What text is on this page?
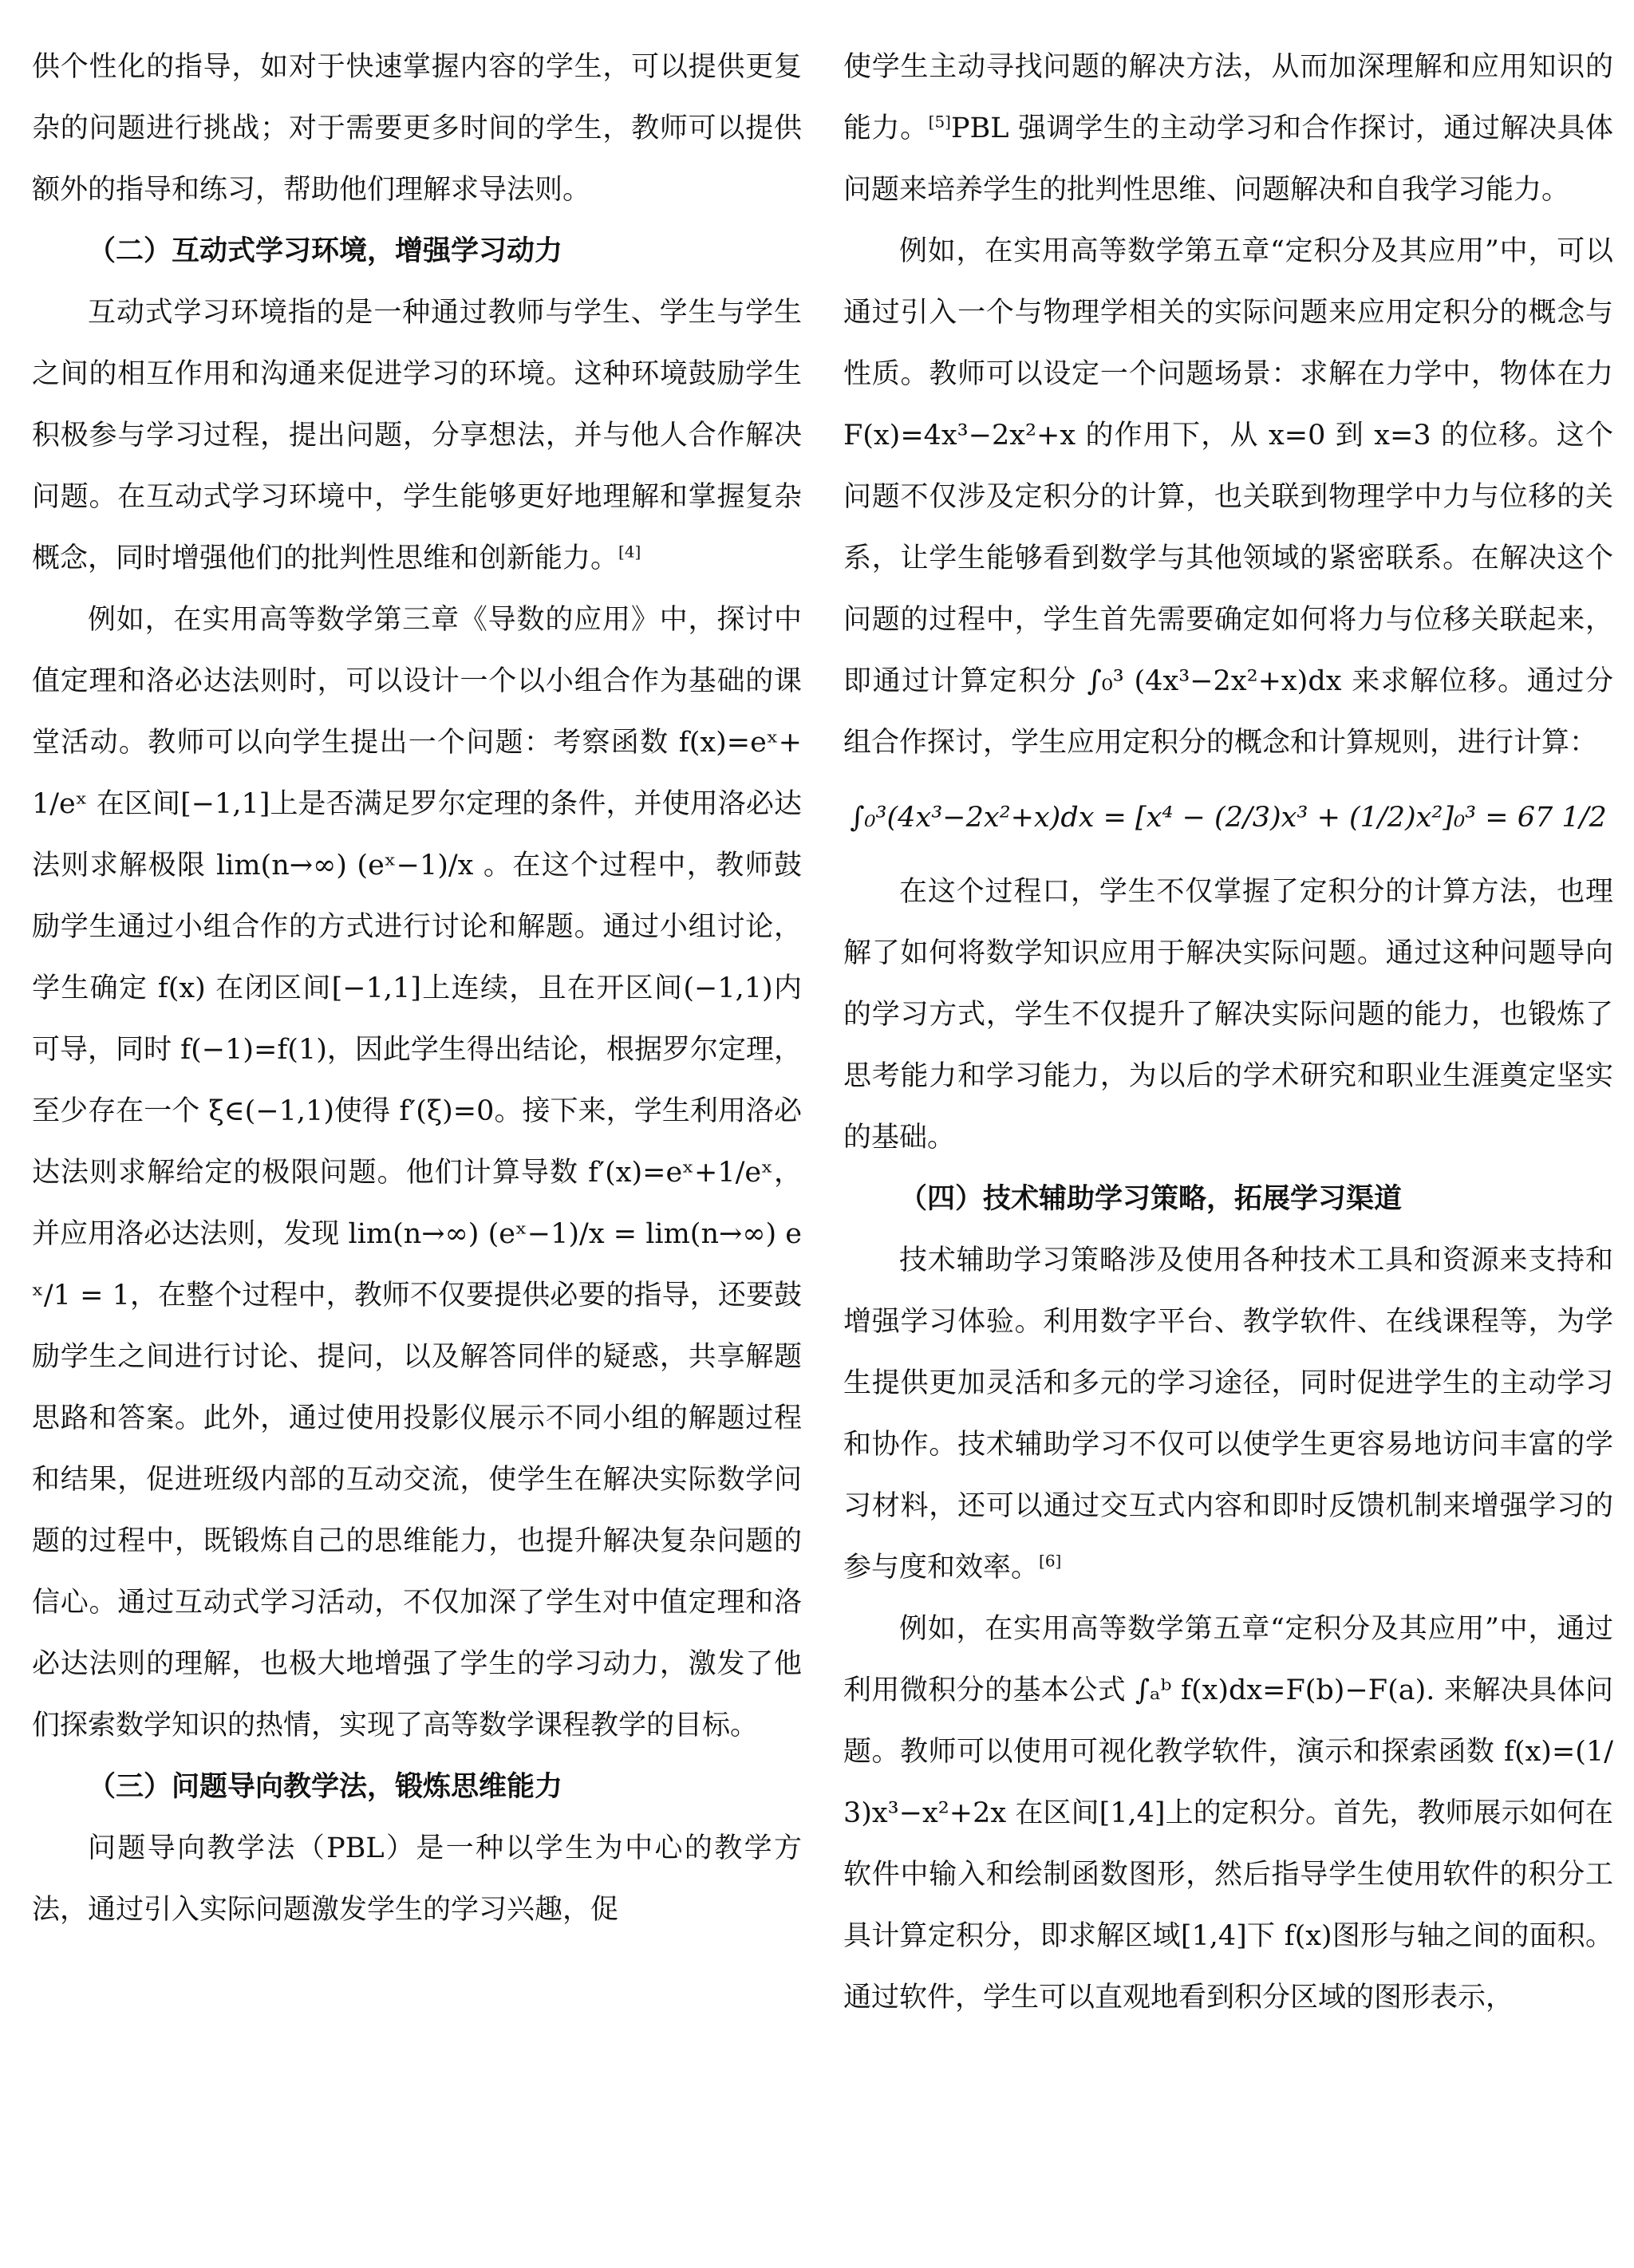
供个性化的指导，如对于快速掌握内容的学生，可以提供更复杂的问题进行挑战；对于需要更多时间的学生，教师可以提供额外的指导和练习，帮助他们理解求导法则。

（二）互动式学习环境，增强学习动力

互动式学习环境指的是一种通过教师与学生、学生与学生之间的相互作用和沟通来促进学习的环境。这种环境鼓励学生积极参与学习过程，提出问题，分享想法，并与他人合作解决问题。在互动式学习环境中，学生能够更好地理解和掌握复杂概念，同时增强他们的批判性思维和创新能力。[4]

例如，在实用高等数学第三章《导数的应用》中，探讨中值定理和洛必达法则时，可以设计一个以小组合作为基础的课堂活动。教师可以向学生提出一个问题：考察函数 f(x)=eˣ+1/eˣ 在区间[−1,1]上是否满足罗尔定理的条件，并使用洛必达法则求解极限 lim(n→∞) (eˣ−1)/x 。在这个过程中，教师鼓励学生通过小组合作的方式进行讨论和解题。通过小组讨论，学生确定 f(x) 在闭区间[−1,1]上连续，且在开区间(−1,1)内可导，同时 f(−1)=f(1)，因此学生得出结论，根据罗尔定理，至少存在一个 ξ∈(−1,1)使得 f′(ξ)=0。接下来，学生利用洛必达法则求解给定的极限问题。他们计算导数 f′(x)=eˣ+1/eˣ，并应用洛必达法则，发现 lim(n→∞) (eˣ−1)/x = lim(n→∞) eˣ/1 = 1，在整个过程中，教师不仅要提供必要的指导，还要鼓励学生之间进行讨论、提问，以及解答同伴的疑惑，共享解题思路和答案。此外，通过使用投影仪展示不同小组的解题过程和结果，促进班级内部的互动交流，使学生在解决实际数学问题的过程中，既锻炼自己的思维能力，也提升解决复杂问题的信心。通过互动式学习活动，不仅加深了学生对中值定理和洛必达法则的理解，也极大地增强了学生的学习动力，激发了他们探索数学知识的热情，实现了高等数学课程教学的目标。

（三）问题导向教学法，锻炼思维能力

问题导向教学法（PBL）是一种以学生为中心的教学方法，通过引入实际问题激发学生的学习兴趣，促

使学生主动寻找问题的解决方法，从而加深理解和应用知识的能力。[5]PBL 强调学生的主动学习和合作探讨，通过解决具体问题来培养学生的批判性思维、问题解决和自我学习能力。

例如，在实用高等数学第五章“定积分及其应用”中，可以通过引入一个与物理学相关的实际问题来应用定积分的概念与性质。教师可以设定一个问题场景：求解在力学中，物体在力 F(x)=4x³−2x²+x 的作用下，从 x=0 到 x=3 的位移。这个问题不仅涉及定积分的计算，也关联到物理学中力与位移的关系，让学生能够看到数学与其他领域的紧密联系。在解决这个问题的过程中，学生首先需要确定如何将力与位移关联起来，即通过计算定积分 ∫₀³ (4x³−2x²+x)dx 来求解位移。通过分组合作探讨，学生应用定积分的概念和计算规则，进行计算：

∫₀³(4x³−2x²+x)dx = [x⁴ − (2/3)x³ + (1/2)x²]₀³ = 67 1/2

在这个过程口，学生不仅掌握了定积分的计算方法，也理解了如何将数学知识应用于解决实际问题。通过这种问题导向的学习方式，学生不仅提升了解决实际问题的能力，也锻炼了思考能力和学习能力，为以后的学术研究和职业生涯奠定坚实的基础。

（四）技术辅助学习策略，拓展学习渠道

技术辅助学习策略涉及使用各种技术工具和资源来支持和增强学习体验。利用数字平台、教学软件、在线课程等，为学生提供更加灵活和多元的学习途径，同时促进学生的主动学习和协作。技术辅助学习不仅可以使学生更容易地访问丰富的学习材料，还可以通过交互式内容和即时反馈机制来增强学习的参与度和效率。[6]

例如，在实用高等数学第五章“定积分及其应用”中，通过利用微积分的基本公式 ∫ₐᵇ f(x)dx=F(b)−F(a). 来解决具体问题。教师可以使用可视化教学软件，演示和探索函数 f(x)=(1/3)x³−x²+2x 在区间[1,4]上的定积分。首先，教师展示如何在软件中输入和绘制函数图形，然后指导学生使用软件的积分工具计算定积分，即求解区域[1,4]下 f(x)图形与轴之间的面积。通过软件，学生可以直观地看到积分区域的图形表示，
